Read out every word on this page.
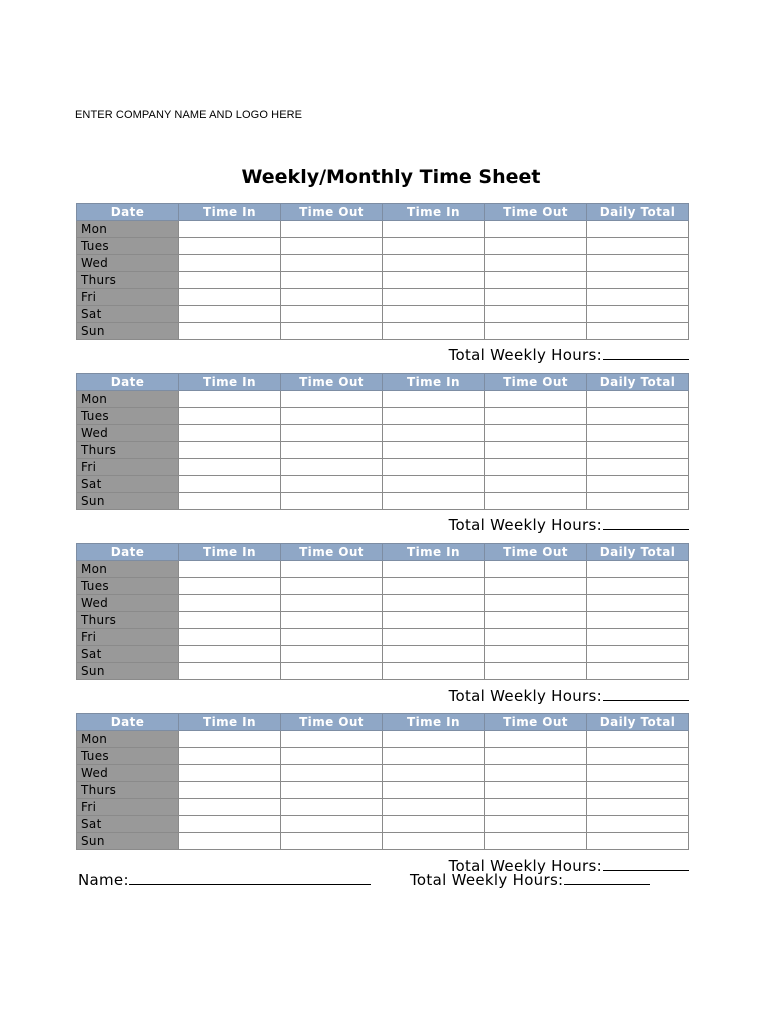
ENTER COMPANY NAME AND LOGO HERE
Weekly/Monthly Time Sheet
Date	Time In	Time Out	Time In	Time Out	Daily Total
Mon					
Tues					
Wed					
Thurs					
Fri					
Sat					
Sun					
Total Weekly Hours:
Date	Time In	Time Out	Time In	Time Out	Daily Total
Mon					
Tues					
Wed					
Thurs					
Fri					
Sat					
Sun					
Total Weekly Hours:
Date	Time In	Time Out	Time In	Time Out	Daily Total
Mon					
Tues					
Wed					
Thurs					
Fri					
Sat					
Sun					
Total Weekly Hours:
Date	Time In	Time Out	Time In	Time Out	Daily Total
Mon					
Tues					
Wed					
Thurs					
Fri					
Sat					
Sun					
Total Weekly Hours:
Name:	Total Weekly Hours:
